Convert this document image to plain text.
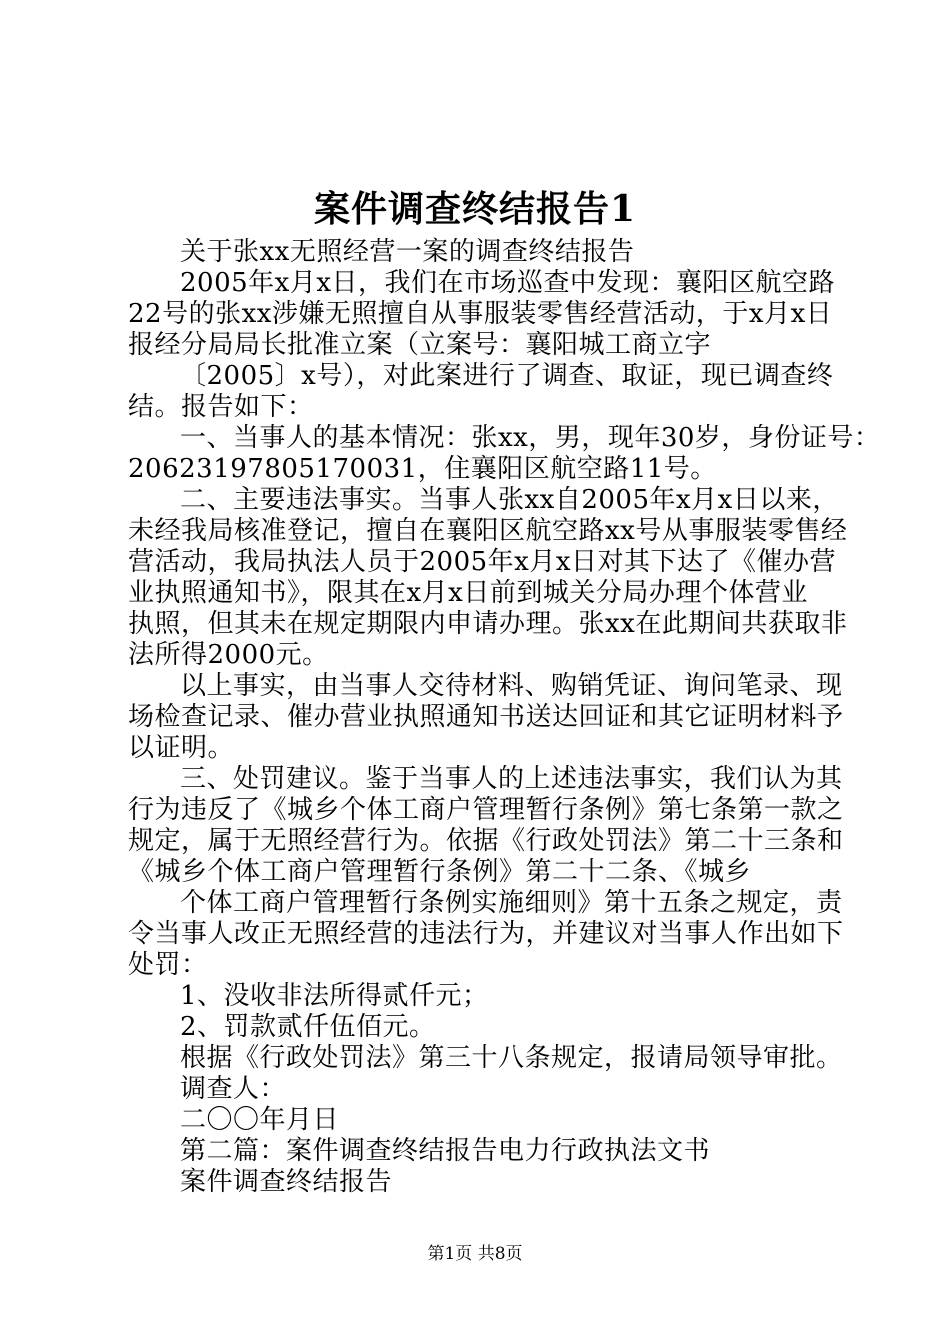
案件调查终结报告1
关于张xx无照经营一案的调查终结报告
2005年x月x日，我们在市场巡查中发现：襄阳区航空路
22号的张xx涉嫌无照擅自从事服装零售经营活动，于x月x日
报经分局局长批准立案（立案号：襄阳城工商立字
〔2005〕x号），对此案进行了调查、取证，现已调查终
结。报告如下：
一、当事人的基本情况：张xx，男，现年30岁，身份证号：
20623197805170031，住襄阳区航空路11号。
二、主要违法事实。当事人张xx自2005年x月x日以来，
未经我局核准登记，擅自在襄阳区航空路xx号从事服装零售经
营活动，我局执法人员于2005年x月x日对其下达了《催办营
业执照通知书》，限其在x月x日前到城关分局办理个体营业
执照，但其未在规定期限内申请办理。张xx在此期间共获取非
法所得2000元。
以上事实，由当事人交待材料、购销凭证、询问笔录、现
场检查记录、催办营业执照通知书送达回证和其它证明材料予
以证明。
三、处罚建议。鉴于当事人的上述违法事实，我们认为其
行为违反了《城乡个体工商户管理暂行条例》第七条第一款之
规定，属于无照经营行为。依据《行政处罚法》第二十三条和
《城乡个体工商户管理暂行条例》第二十二条、《城乡
个体工商户管理暂行条例实施细则》第十五条之规定，责
令当事人改正无照经营的违法行为，并建议对当事人作出如下
处罚：
1、没收非法所得贰仟元；
2、罚款贰仟伍佰元。
根据《行政处罚法》第三十八条规定，报请局领导审批。
调查人：
二〇〇年月日
第二篇：案件调查终结报告电力行政执法文书
案件调查终结报告
第1页 共8页
